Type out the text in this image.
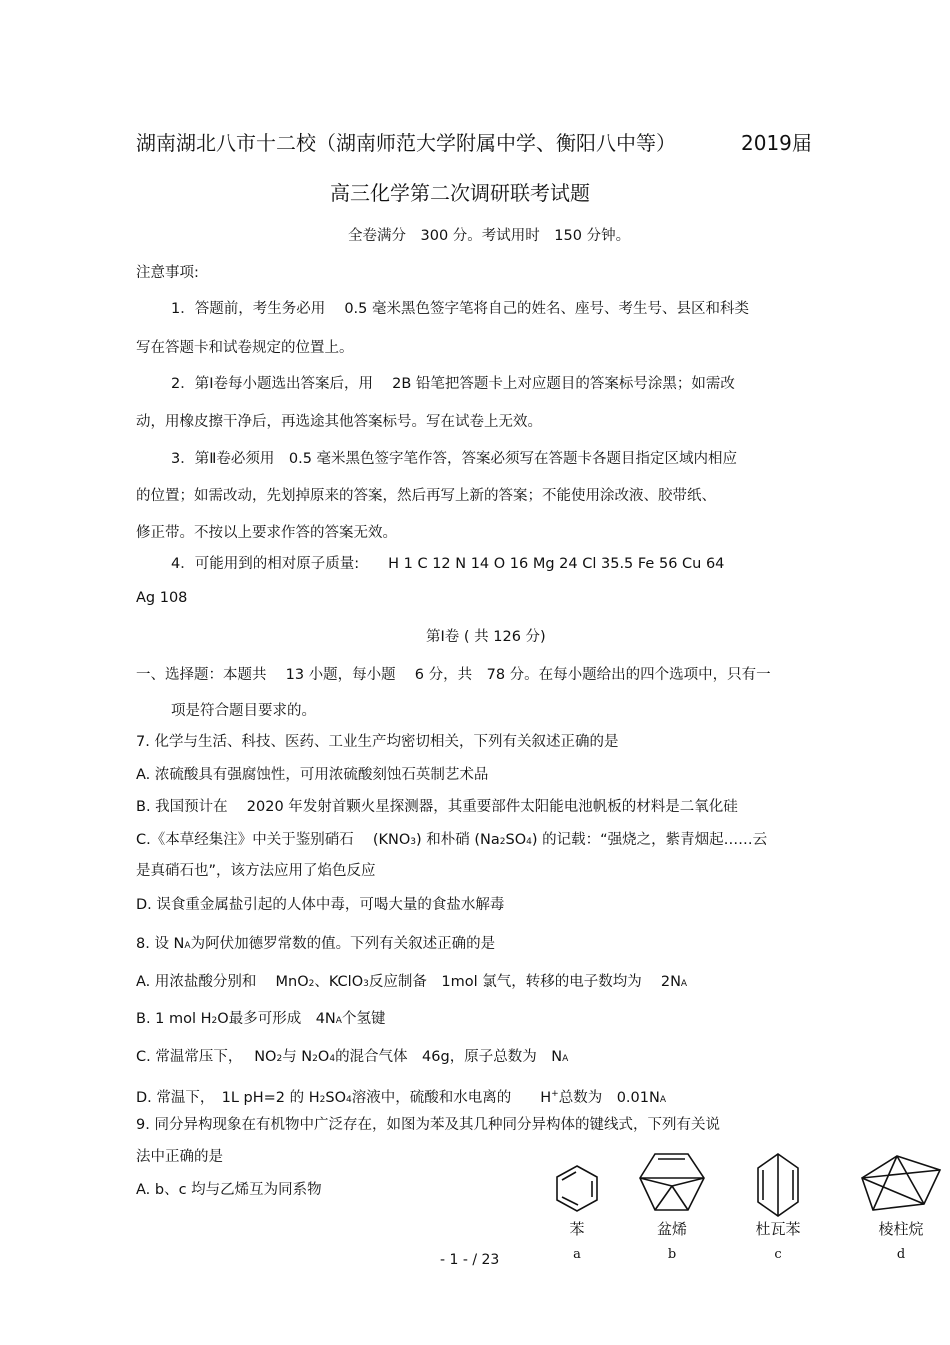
湖南湖北八市十二校（湖南师范大学附属中学、衡阳八中等）	2019届
高三化学第二次调研联考试题
全卷满分　300 分。考试用时　150 分钟。
注意事项:
1．答题前，考生务必用　 0.5 毫米黑色签字笔将自己的姓名、座号、考生号、县区和科类
写在答题卡和试卷规定的位置上。
2．第Ⅰ卷每小题选出答案后，用　 2B 铅笔把答题卡上对应题目的答案标号涂黑；如需改
动，用橡皮擦干净后，再选途其他答案标号。写在试卷上无效。
3．第Ⅱ卷必须用　0.5 毫米黑色签字笔作答，答案必须写在答题卡各题目指定区域内相应
的位置；如需改动，先划掉原来的答案，然后再写上新的答案；不能使用涂改液、胶带纸、
修正带。不按以上要求作答的答案无效。
4．可能用到的相对原子质量:　　H 1 C 12 N 14 O 16 Mg 24 Cl 35.5 Fe 56 Cu 64
Ag 108
第Ⅰ卷 ( 共 126 分)
一、选择题：本题共　 13 小题，每小题　 6 分，共　78 分。在每小题给出的四个选项中，只有一
项是符合题目要求的。
7. 化学与生活、科技、医药、工业生产均密切相关，下列有关叙述正确的是
A. 浓硫酸具有强腐蚀性，可用浓硫酸刻蚀石英制艺术品
B. 我国预计在　 2020 年发射首颗火星探测器，其重要部件太阳能电池帆板的材料是二氧化硅
C.《本草经集注》中关于鉴别硝石　 (KNO3) 和朴硝 (Na2SO4) 的记载：“强烧之，紫青烟起……云
是真硝石也”，该方法应用了焰色反应
D. 误食重金属盐引起的人体中毒，可喝大量的食盐水解毒
8. 设 NA为阿伏加德罗常数的值。下列有关叙述正确的是
A. 用浓盐酸分别和　 MnO2、KClO3反应制备　1mol 氯气，转移的电子数均为　 2NA
B. 1 mol H2O最多可形成　4NA个氢键
C. 常温常压下，　 NO2与 N2O4的混合气体　46g，原子总数为　NA
D. 常温下，　1L pH=2 的 H2SO4溶液中，硫酸和水电离的　　H+总数为　0.01NA
9. 同分异构现象在有机物中广泛存在，如图为苯及其几种同分异构体的键线式，下列有关说
法中正确的是
A. b、c 均与乙烯互为同系物
苯	盆烯	杜瓦苯	棱柱烷
a	b	c	d
- 1 - / 23
